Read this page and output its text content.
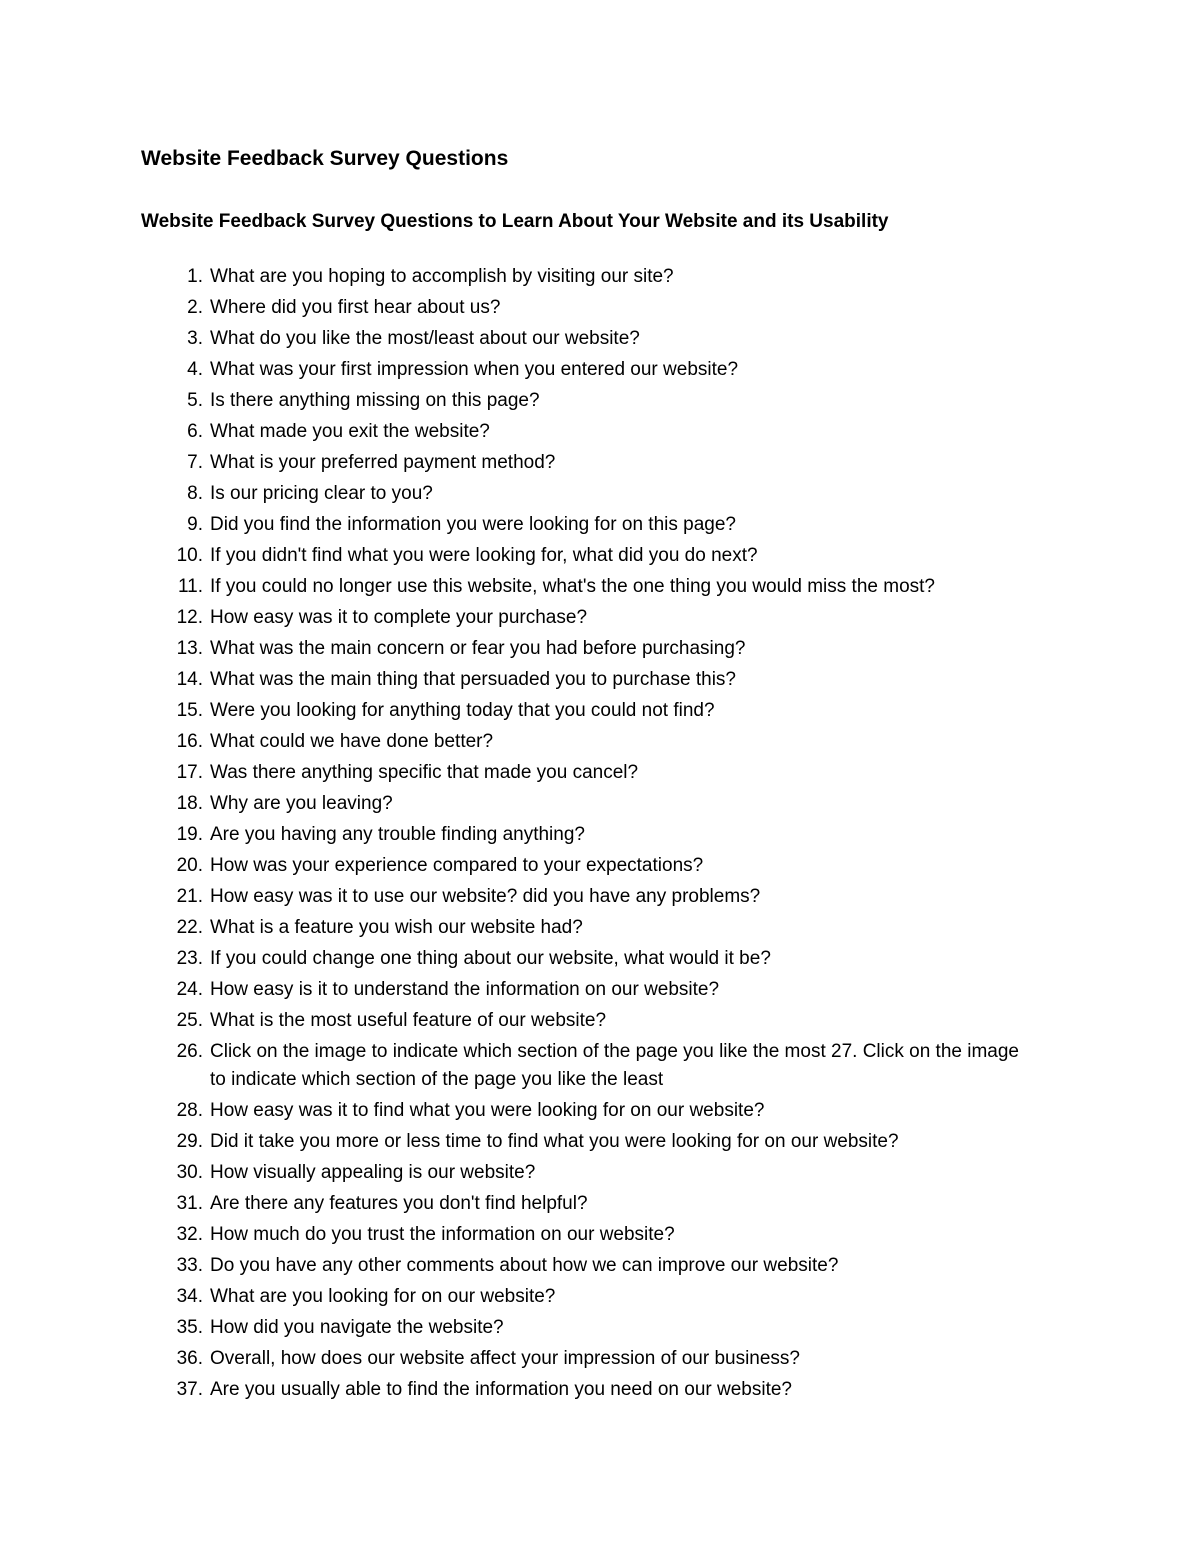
Website Feedback Survey Questions
Website Feedback Survey Questions to Learn About Your Website and its Usability
1. What are you hoping to accomplish by visiting our site?
2. Where did you first hear about us?
3. What do you like the most/least about our website?
4. What was your first impression when you entered our website?
5. Is there anything missing on this page?
6. What made you exit the website?
7. What is your preferred payment method?
8. Is our pricing clear to you?
9. Did you find the information you were looking for on this page?
10. If you didn't find what you were looking for, what did you do next?
11. If you could no longer use this website, what's the one thing you would miss the most?
12. How easy was it to complete your purchase?
13. What was the main concern or fear you had before purchasing?
14. What was the main thing that persuaded you to purchase this?
15. Were you looking for anything today that you could not find?
16. What could we have done better?
17. Was there anything specific that made you cancel?
18. Why are you leaving?
19. Are you having any trouble finding anything?
20. How was your experience compared to your expectations?
21. How easy was it to use our website? did you have any problems?
22. What is a feature you wish our website had?
23. If you could change one thing about our website, what would it be?
24. How easy is it to understand the information on our website?
25. What is the most useful feature of our website?
26. Click on the image to indicate which section of the page you like the most 27. Click on the image to indicate which section of the page you like the least
28. How easy was it to find what you were looking for on our website?
29. Did it take you more or less time to find what you were looking for on our website?
30. How visually appealing is our website?
31. Are there any features you don't find helpful?
32. How much do you trust the information on our website?
33. Do you have any other comments about how we can improve our website?
34. What are you looking for on our website?
35. How did you navigate the website?
36. Overall, how does our website affect your impression of our business?
37. Are you usually able to find the information you need on our website?
